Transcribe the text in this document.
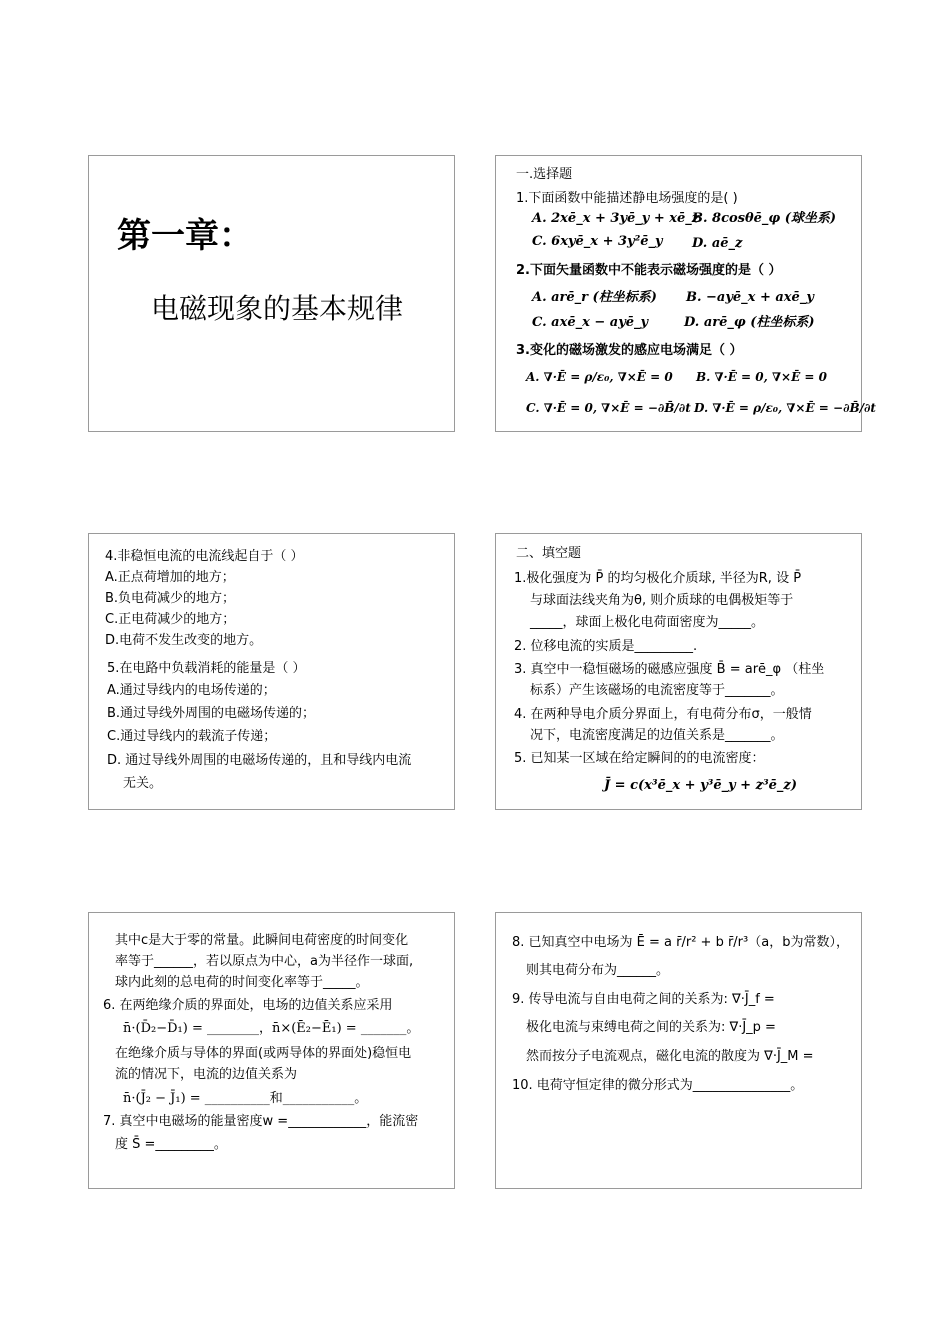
第一章：
电磁现象的基本规律
一.选择题
1.下面函数中能描述静电场强度的是( )
A. 2xē_x + 3yē_y + xē_z
B. 8cosθē_φ (球坐系)
C. 6xyē_x + 3y²ē_y D. aē_z
2.下面矢量函数中不能表示磁场强度的是（ ）
A. arē_r (柱坐标系) B. −ayē_x + axē_y
C. axē_x − ayē_y	D. arē_φ (柱坐标系)
3.变化的磁场激发的感应电场满足（ ）
A. ∇·Ē = ρ/ε₀, ∇×Ē = 0 B. ∇·Ē = 0, ∇×Ē = 0
C. ∇·Ē = 0, ∇×Ē = −∂B̄/∂t D. ∇·Ē = ρ/ε₀, ∇×Ē = −∂B̄/∂t
4.非稳恒电流的电流线起自于（ ）
A.正点荷增加的地方；
B.负电荷减少的地方；
C.正电荷减少的地方；
D.电荷不发生改变的地方。
5.在电路中负载消耗的能量是（ ）
A.通过导线内的电场传递的；
B.通过导线外周围的电磁场传递的；
C.通过导线内的载流子传递；
D. 通过导线外周围的电磁场传递的，且和导线内电流
无关。
二、填空题
1.极化强度为 P̄ 的均匀极化介质球, 半径为R, 设 P̄
与球面法线夹角为θ, 则介质球的电偶极矩等于
_____，球面上极化电荷面密度为_____。
2. 位移电流的实质是_________.
3. 真空中一稳恒磁场的磁感应强度 B̄ = arē_φ （柱坐
标系）产生该磁场的电流密度等于_______。
4. 在两种导电介质分界面上，有电荷分布σ，一般情
况下，电流密度满足的边值关系是_______。
5. 已知某一区域在给定瞬间的的电流密度：
J̄ = c(x³ē_x + y³ē_y + z³ē_z)
其中c是大于零的常量。此瞬间电荷密度的时间变化
率等于______，若以原点为中心，a为半径作一球面,
球内此刻的总电荷的时间变化率等于_____。
6. 在两绝缘介质的界面处，电场的边值关系应采用
n̄·(D̄₂−D̄₁) = ________，n̄×(Ē₂−Ē₁) = _______。
在绝缘介质与导体的界面(或两导体的界面处)稳恒电
流的情况下，电流的边值关系为
n̄·(J̄₂ − J̄₁) = __________和___________。
7. 真空中电磁场的能量密度w =____________，能流密
度 S̄ =_________。
8. 已知真空中电场为 Ē = a r̄/r² + b r̄/r³（a，b为常数），
则其电荷分布为______。
9. 传导电流与自由电荷之间的关系为: ∇·J̄_f =
极化电流与束缚电荷之间的关系为: ∇·J̄_p =
然而按分子电流观点，磁化电流的散度为 ∇·J̄_M =
10. 电荷守恒定律的微分形式为_______________。
